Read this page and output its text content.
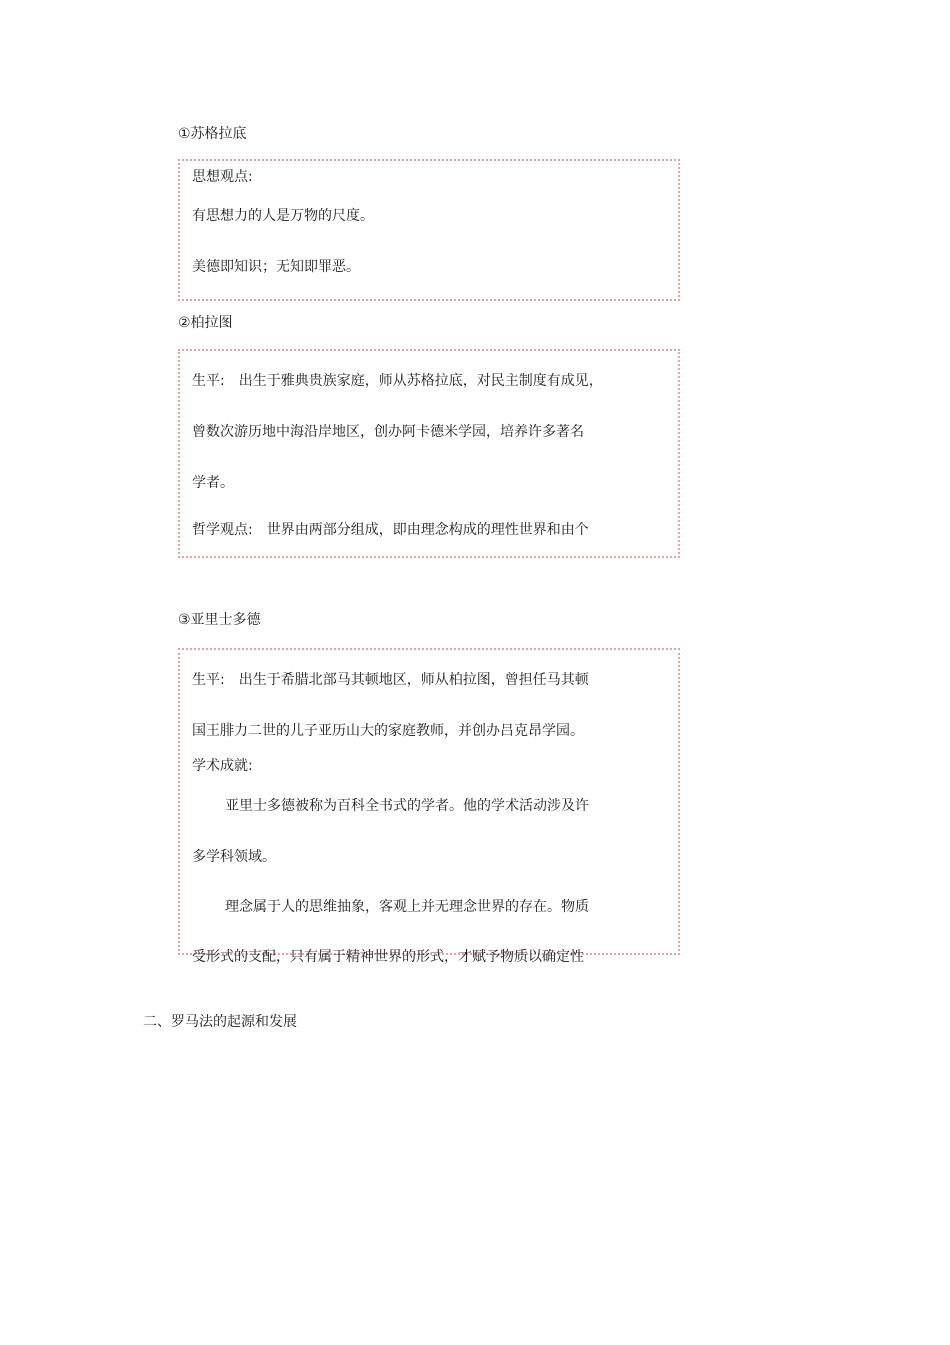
①苏格拉底
思想观点:
有思想力的人是万物的尺度。
美德即知识；无知即罪恶。
②柏拉图
生平:　出生于雅典贵族家庭，师从苏格拉底，对民主制度有成见，
曾数次游历地中海沿岸地区，创办阿卡德米学园，培养许多著名
学者。
哲学观点:　世界由两部分组成，即由理念构成的理性世界和由个
③亚里士多德
生平:　出生于希腊北部马其顿地区，师从柏拉图，曾担任马其顿
国王腓力二世的儿子亚历山大的家庭教师，并创办吕克昂学园。
学术成就:
亚里士多德被称为百科全书式的学者。他的学术活动涉及许
多学科领域。
理念属于人的思维抽象，客观上并无理念世界的存在。物质
受形式的支配，只有属于精神世界的形式，才赋予物质以确定性
二、罗马法的起源和发展
